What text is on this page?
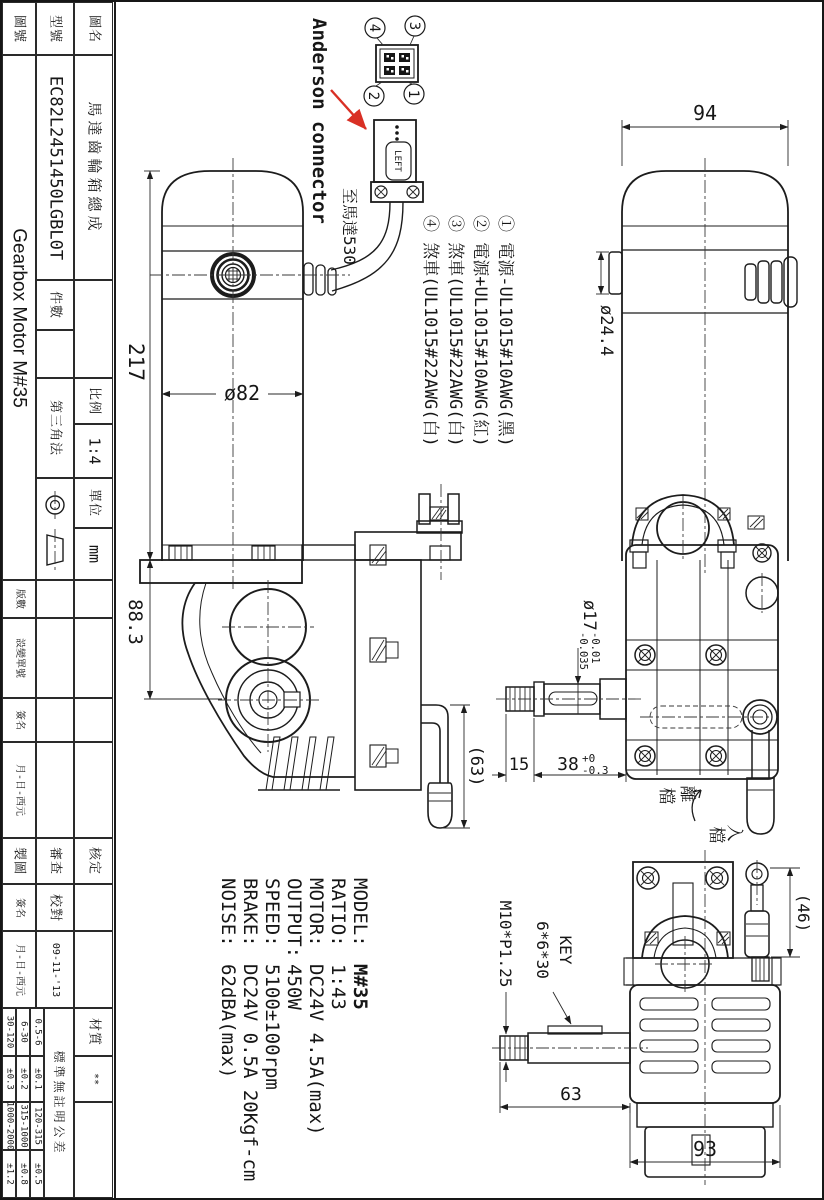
圖名
馬達齒輪箱總成
比例
1:4
單位
mm
型號
EC82L2451450LGBL0T
件數
第三角法
圖號
Gearbox Motor M#35
版數
設變單號
簽名
月-日-西元
核定
審查
製圖
校對
簽名
09-11-'13
月-日-西元
材質
**
標準無註明公差
0.5-6
±0.1
120-315
±0.5
6-30
±0.2
315-1000
±0.8
30-120
±0.3
1000-2000
±1.2
4 3
2 1
LEFT
至馬達530
Anderson connector
① 電源-UL1015#10AWG(黑)
② 電源+UL1015#10AWG(紅)
③ 煞車(UL1015#22AWG(白)
④ 煞車(UL1015#22AWG(白)
ø82
217
88.3
(63)
94
ø24.4
ø17
-0.01
-0.035
15 38 +0
-0.3
檔 離
檔
入
(46)
M10*P1.25	KEY
6*6*30
63
93
MODEL:
M#35
RATIO:
1:43
MOTOR:
DC24V 4.5A(max)
OUTPUT:
450W
SPEED:
5100±100rpm
BRAKE:
DC24V 0.5A 20Kgf-cm
NOISE:
62dBA(max)
